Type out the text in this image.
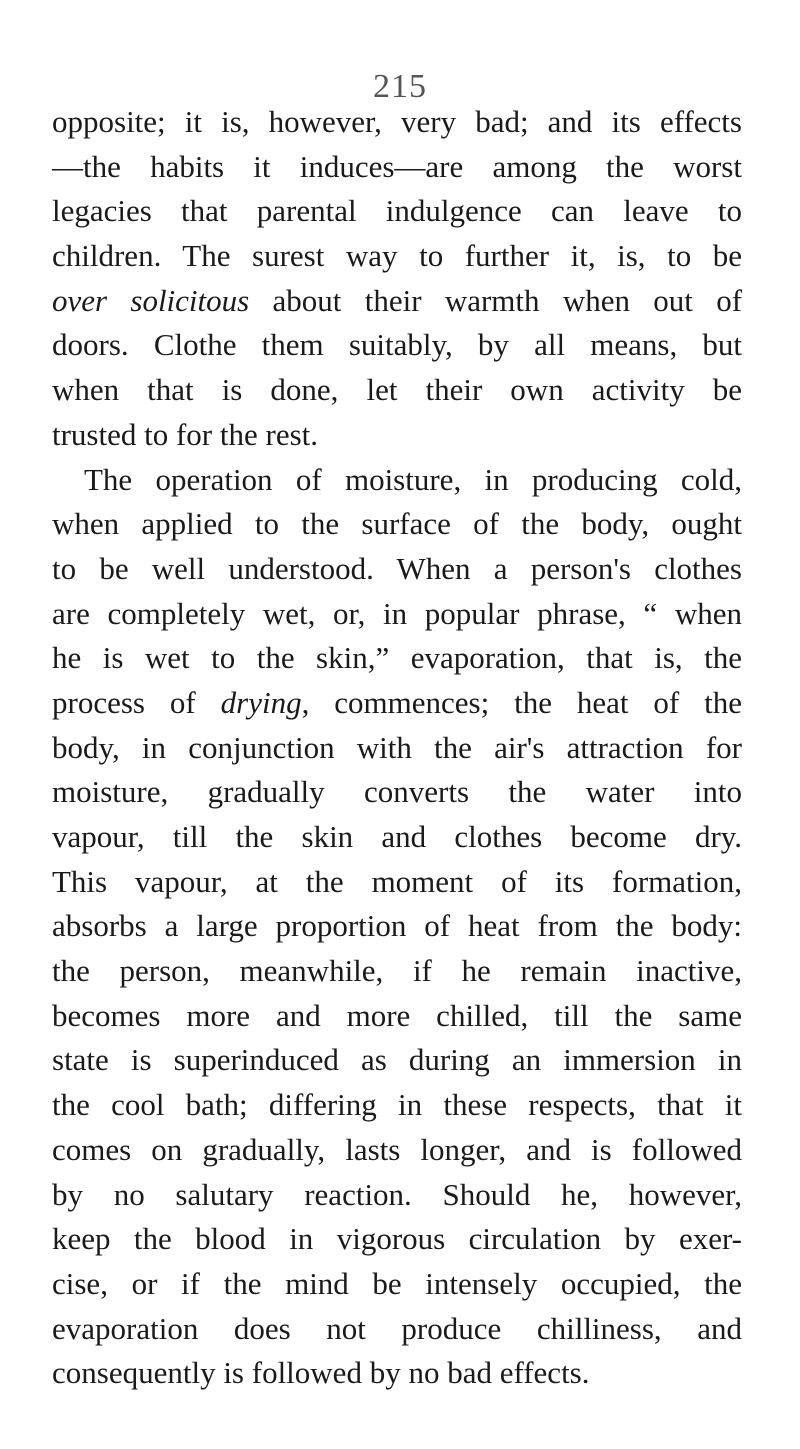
215
opposite; it is, however, very bad; and its effects
—the habits it induces—are among the worst
legacies that parental indulgence can leave to
children. The surest way to further it, is, to be
over solicitous about their warmth when out of
doors. Clothe them suitably, by all means, but
when that is done, let their own activity be
trusted to for the rest.
The operation of moisture, in producing cold,
when applied to the surface of the body, ought
to be well understood. When a person's clothes
are completely wet, or, in popular phrase, “ when
he is wet to the skin,” evaporation, that is, the
process of drying, commences; the heat of the
body, in conjunction with the air's attraction for
moisture, gradually converts the water into
vapour, till the skin and clothes become dry.
This vapour, at the moment of its formation,
absorbs a large proportion of heat from the body:
the person, meanwhile, if he remain inactive,
becomes more and more chilled, till the same
state is superinduced as during an immersion in
the cool bath; differing in these respects, that it
comes on gradually, lasts longer, and is followed
by no salutary reaction. Should he, however,
keep the blood in vigorous circulation by exer-
cise, or if the mind be intensely occupied, the
evaporation does not produce chilliness, and
consequently is followed by no bad effects.
